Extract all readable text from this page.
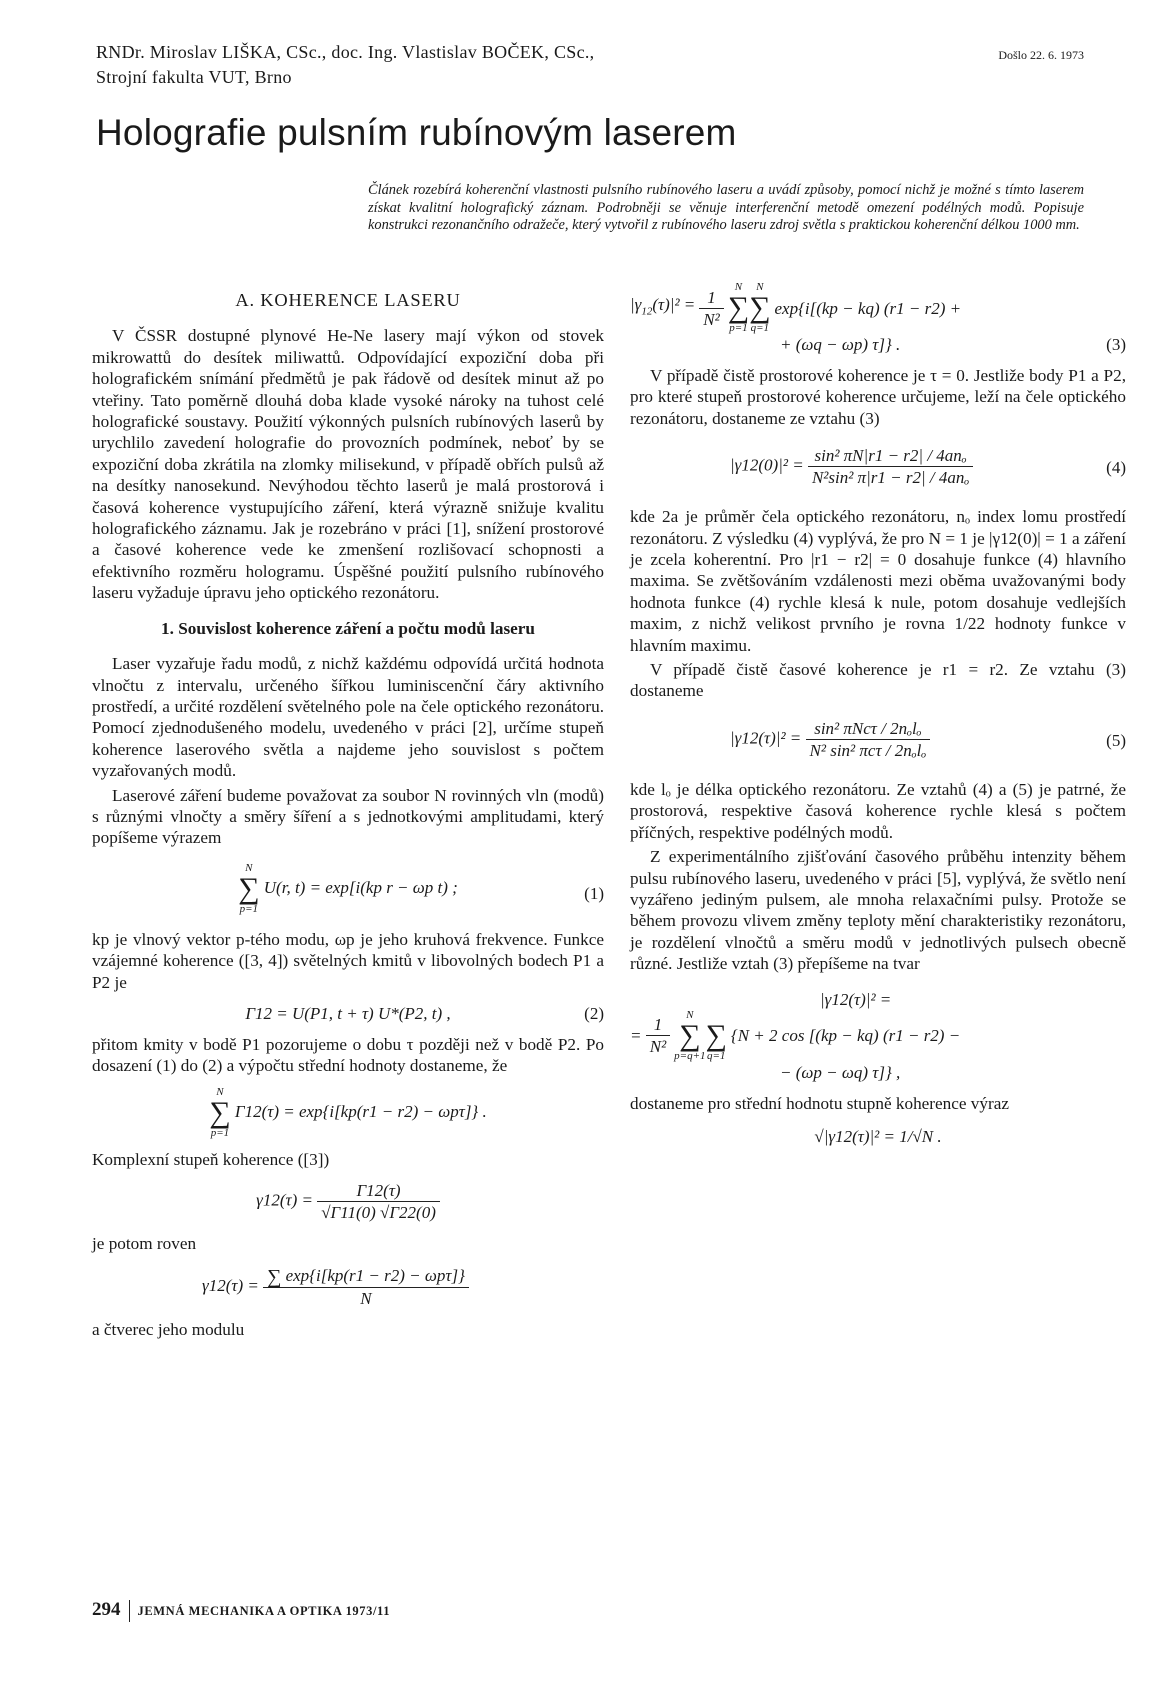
RNDr. Miroslav LIŠKA, CSc., doc. Ing. Vlastislav BOČEK, CSc.,
Strojní fakulta VUT, Brno
Došlo 22. 6. 1973
Holografie pulsním rubínovým laserem
Článek rozebírá koherenční vlastnosti pulsního rubínového laseru a uvádí způsoby, pomocí nichž je možné s tímto laserem získat kvalitní holografický záznam. Podrobněji se věnuje interferenční metodě omezení podélných modů. Popisuje konstrukci rezonančního odražeče, který vytvořil z rubínového laseru zdroj světla s praktickou koherenční délkou 1000 mm.
A. KOHERENCE LASERU

V ČSSR dostupné plynové He-Ne lasery mají výkon od stovek mikrowattů do desítek miliwattů. Odpovídající expoziční doba při holografickém snímání předmětů je pak řádově od desítek minut až po vteřiny. Tato poměrně dlouhá doba klade vysoké nároky na tuhost celé holografické soustavy. Použití výkonných pulsních rubínových laserů by urychlilo zavedení holografie do provozních podmínek, neboť by se expoziční doba zkrátila na zlomky milisekund, v případě obřích pulsů až na desítky nanosekund. Nevýhodou těchto laserů je malá prostorová i časová koherence vystupujícího záření, která výrazně snižuje kvalitu holografického záznamu. Jak je rozebráno v práci [1], snížení prostorové a časové koherence vede ke zmenšení rozlišovací schopnosti a efektivního rozměru hologramu. Úspěšné použití pulsního rubínového laseru vyžaduje úpravu jeho optického rezonátoru.

1. Souvislost koherence záření a počtu modů laseru

Laser vyzařuje řadu modů, z nichž každému odpovídá určitá hodnota vlnočtu z intervalu, určeného šířkou luminiscenční čáry aktivního prostředí, a určité rozdělení světelného pole na čele optického rezonátoru. Pomocí zjednodušeného modelu, uvedeného v práci [2], určíme stupeň koherence laserového světla a najdeme jeho souvislost s počtem vyzařovaných modů.

Laserové záření budeme považovat za soubor N rovinných vln (modů) s různými vlnočty a směry šíření a s jednotkovými amplitudami, který popíšeme výrazem

N
∑
p=1
U(r, t) = exp[i(kp r − ωp t) ;	(1)

kp je vlnový vektor p-tého modu, ωp je jeho kruhová frekvence. Funkce vzájemné koherence ([3, 4]) světelných kmitů v libovolných bodech P1 a P2 je

Γ12 = U(P1, t + τ) U*(P2, t) ,	(2)

přitom kmity v bodě P1 pozorujeme o dobu τ později než v bodě P2. Po dosazení (1) do (2) a výpočtu střední hodnoty dostaneme, že

N
∑
p=1
Γ12(τ) = exp{i[kp(r1 − r2) − ωpτ]} .

Komplexní stupeň koherence ([3])

$\gamma 12(\tau) = \frac{\Gamma 12(\tau)}{√\Gamma 11(0) √\Gamma 22(0)}$

je potom roven

$\gamma 12(\tau) = \frac{\text{∑ exp\{i[kp(r1 − r2) − ωpτ]\}}}{N}$

a čtverec jeho modulu

$|\gamma_{12}(\tau)|^2 = \frac{1}{\text{N²}}$	N
∑
p=1
N
∑
q=1
exp{i[(kp − kq) (r1 − r2) +
+ (ωq − ωp) τ]} .	(3)

V případě čistě prostorové koherence je τ = 0. Jestliže body P1 a P2, pro které stupeň prostorové koherence určujeme, leží na čele optického rezonátoru, dostaneme ze vztahu (3)

$|\gamma 12(0)|^2 = \frac{\text{sin² πN|r1 − r2| / 4anₒ}}{\text{N²sin² π|r1 − r2| / 4anₒ}}$	(4)

kde 2a je průměr čela optického rezonátoru, nₒ index lomu prostředí rezonátoru. Z výsledku (4) vyplývá, že pro N = 1 je |γ12(0)| = 1 a záření je zcela koherentní. Pro |r1 − r2| = 0 dosahuje funkce (4) hlavního maxima. Se zvětšováním vzdálenosti mezi oběma uvažovanými body hodnota funkce (4) rychle klesá k nule, potom dosahuje vedlejších maxim, z nichž velikost prvního je rovna 1/22 hodnoty funkce v hlavním maximu.

V případě čistě časové koherence je r1 = r2. Ze vztahu (3) dostaneme

$|\gamma 12(\tau)|^2 = \frac{\text{sin² πNcτ / 2nₒlₒ}}{\text{N² sin² πcτ / 2nₒlₒ}}$	(5)

kde lₒ je délka optického rezonátoru. Ze vztahů (4) a (5) je patrné, že prostorová, respektive časová koherence rychle klesá s počtem příčných, respektive podélných modů.

Z experimentálního zjišťování časového průběhu intenzity během pulsu rubínového laseru, uvedeného v práci [5], vyplývá, že světlo není vyzářeno jediným pulsem, ale mnoha relaxačními pulsy. Protože se během provozu vlivem změny teploty mění charakteristiky rezonátoru, je rozdělení vlnočtů a směru modů v jednotlivých pulsech obecně různé. Jestliže vztah (3) přepíšeme na tvar

|γ12(τ)|² =
= $\frac{1}{\text{N²}}$	N
∑
p=q+1

∑
q=1
{N + 2 cos [(kp − kq) (r1 − r2) −
− (ωp − ωq) τ]} ,

dostaneme pro střední hodnotu stupně koherence výraz

√|γ12(τ)|² = 1/√N .
294 JEMNÁ MECHANIKA A OPTIKA 1973/11
